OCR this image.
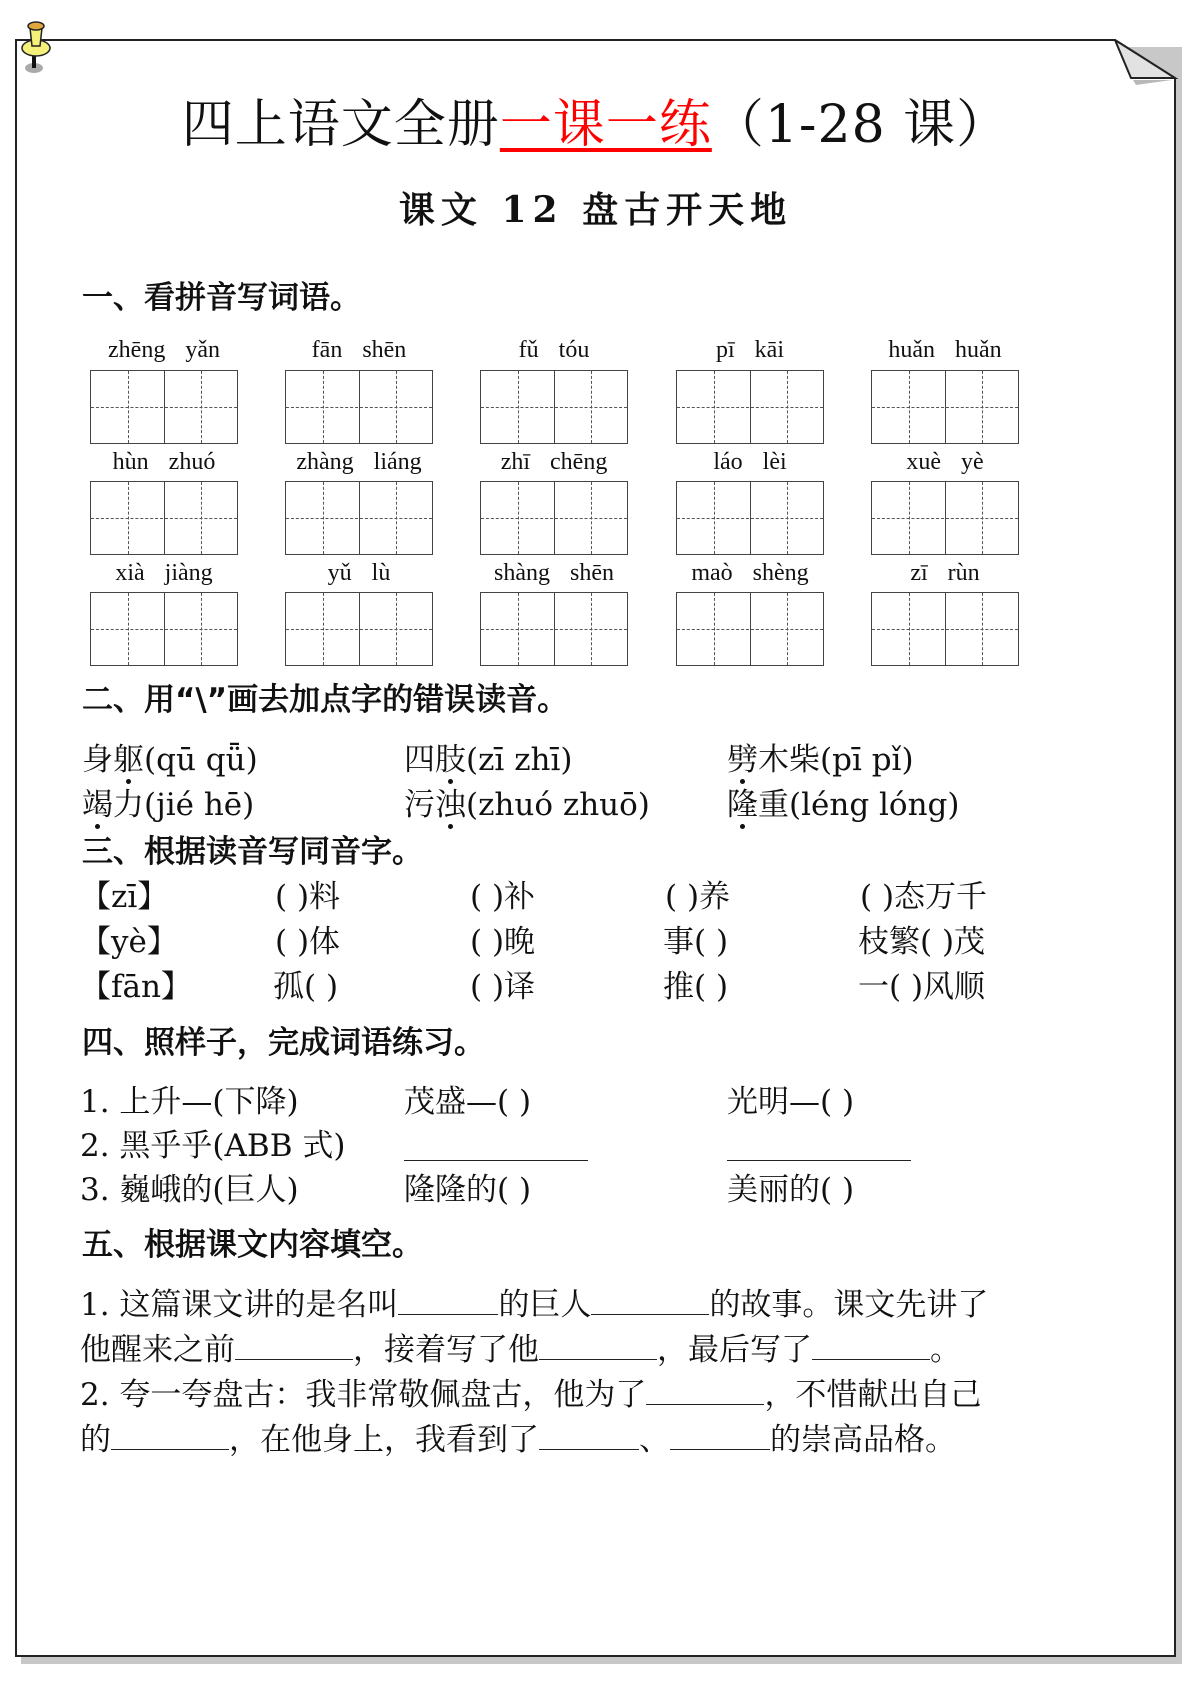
四上语文全册一课一练（1-28 课）
课文 12 盘古开天地
一、看拼音写词语。
zhēng yǎn	fān shēn	fǔ tóu	pī kāi	huǎn huǎn
hùn zhuó	zhàng liáng	zhī chēng	láo lèi	xuè yè
xià jiàng	yǔ lù	shàng shēn	maò shèng	zī rùn
二、用“\”画去加点字的错误读音。
身躯(qū qǖ)	四肢(zī zhī)	劈木柴(pī pǐ)
竭力(jié hē)	污浊(zhuó zhuō) 隆重(léng lóng)
三、根据读音写同音字。
【zī】	( )料	( )补	( )养	( )态万千
【yè】	( )体	( )晚	事( )	枝繁( )茂
【fān】	孤( )	( )译	推( )	一( )风顺
四、照样子，完成词语练习。
1. 上升—(下降)	茂盛—( )	光明—( )
2. 黑乎乎(ABB 式)
3. 巍峨的(巨人)	隆隆的( )	美丽的( )
五、根据课文内容填空。
1. 这篇课文讲的是名叫	的巨人	的故事。课文先讲了
他醒来之前	，接着写了他	，最后写了	。
2. 夸一夸盘古：我非常敬佩盘古，他为了	，不惜献出自己
的	，在他身上，我看到了	、	的崇高品格。
